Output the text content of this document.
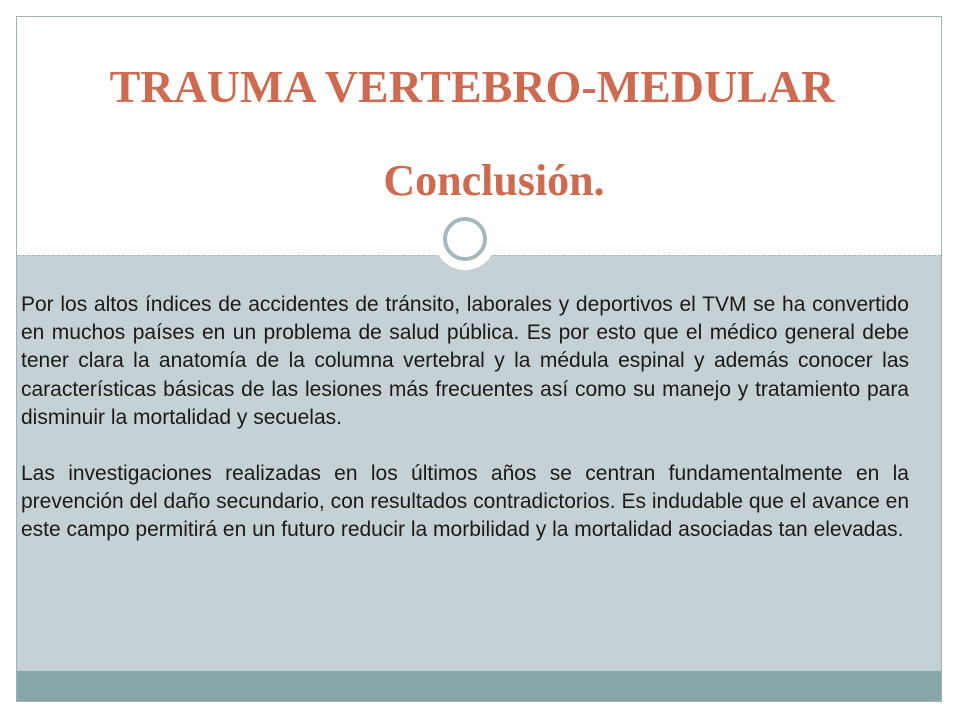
TRAUMA VERTEBRO-MEDULAR
Conclusión.

Por los altos índices de accidentes de tránsito, laborales y deportivos el TVM se ha convertido en muchos países en un problema de salud pública. Es por esto que el médico general debe tener clara la anatomía de la columna vertebral y la médula espinal y además conocer las características básicas de las lesiones más frecuentes así como su manejo y tratamiento para disminuir la mortalidad y secuelas.

Las investigaciones realizadas en los últimos años se centran fundamentalmente en la prevención del daño secundario, con resultados contradictorios. Es indudable que el avance en este campo permitirá en un futuro reducir la morbilidad y la mortalidad asociadas tan elevadas.
